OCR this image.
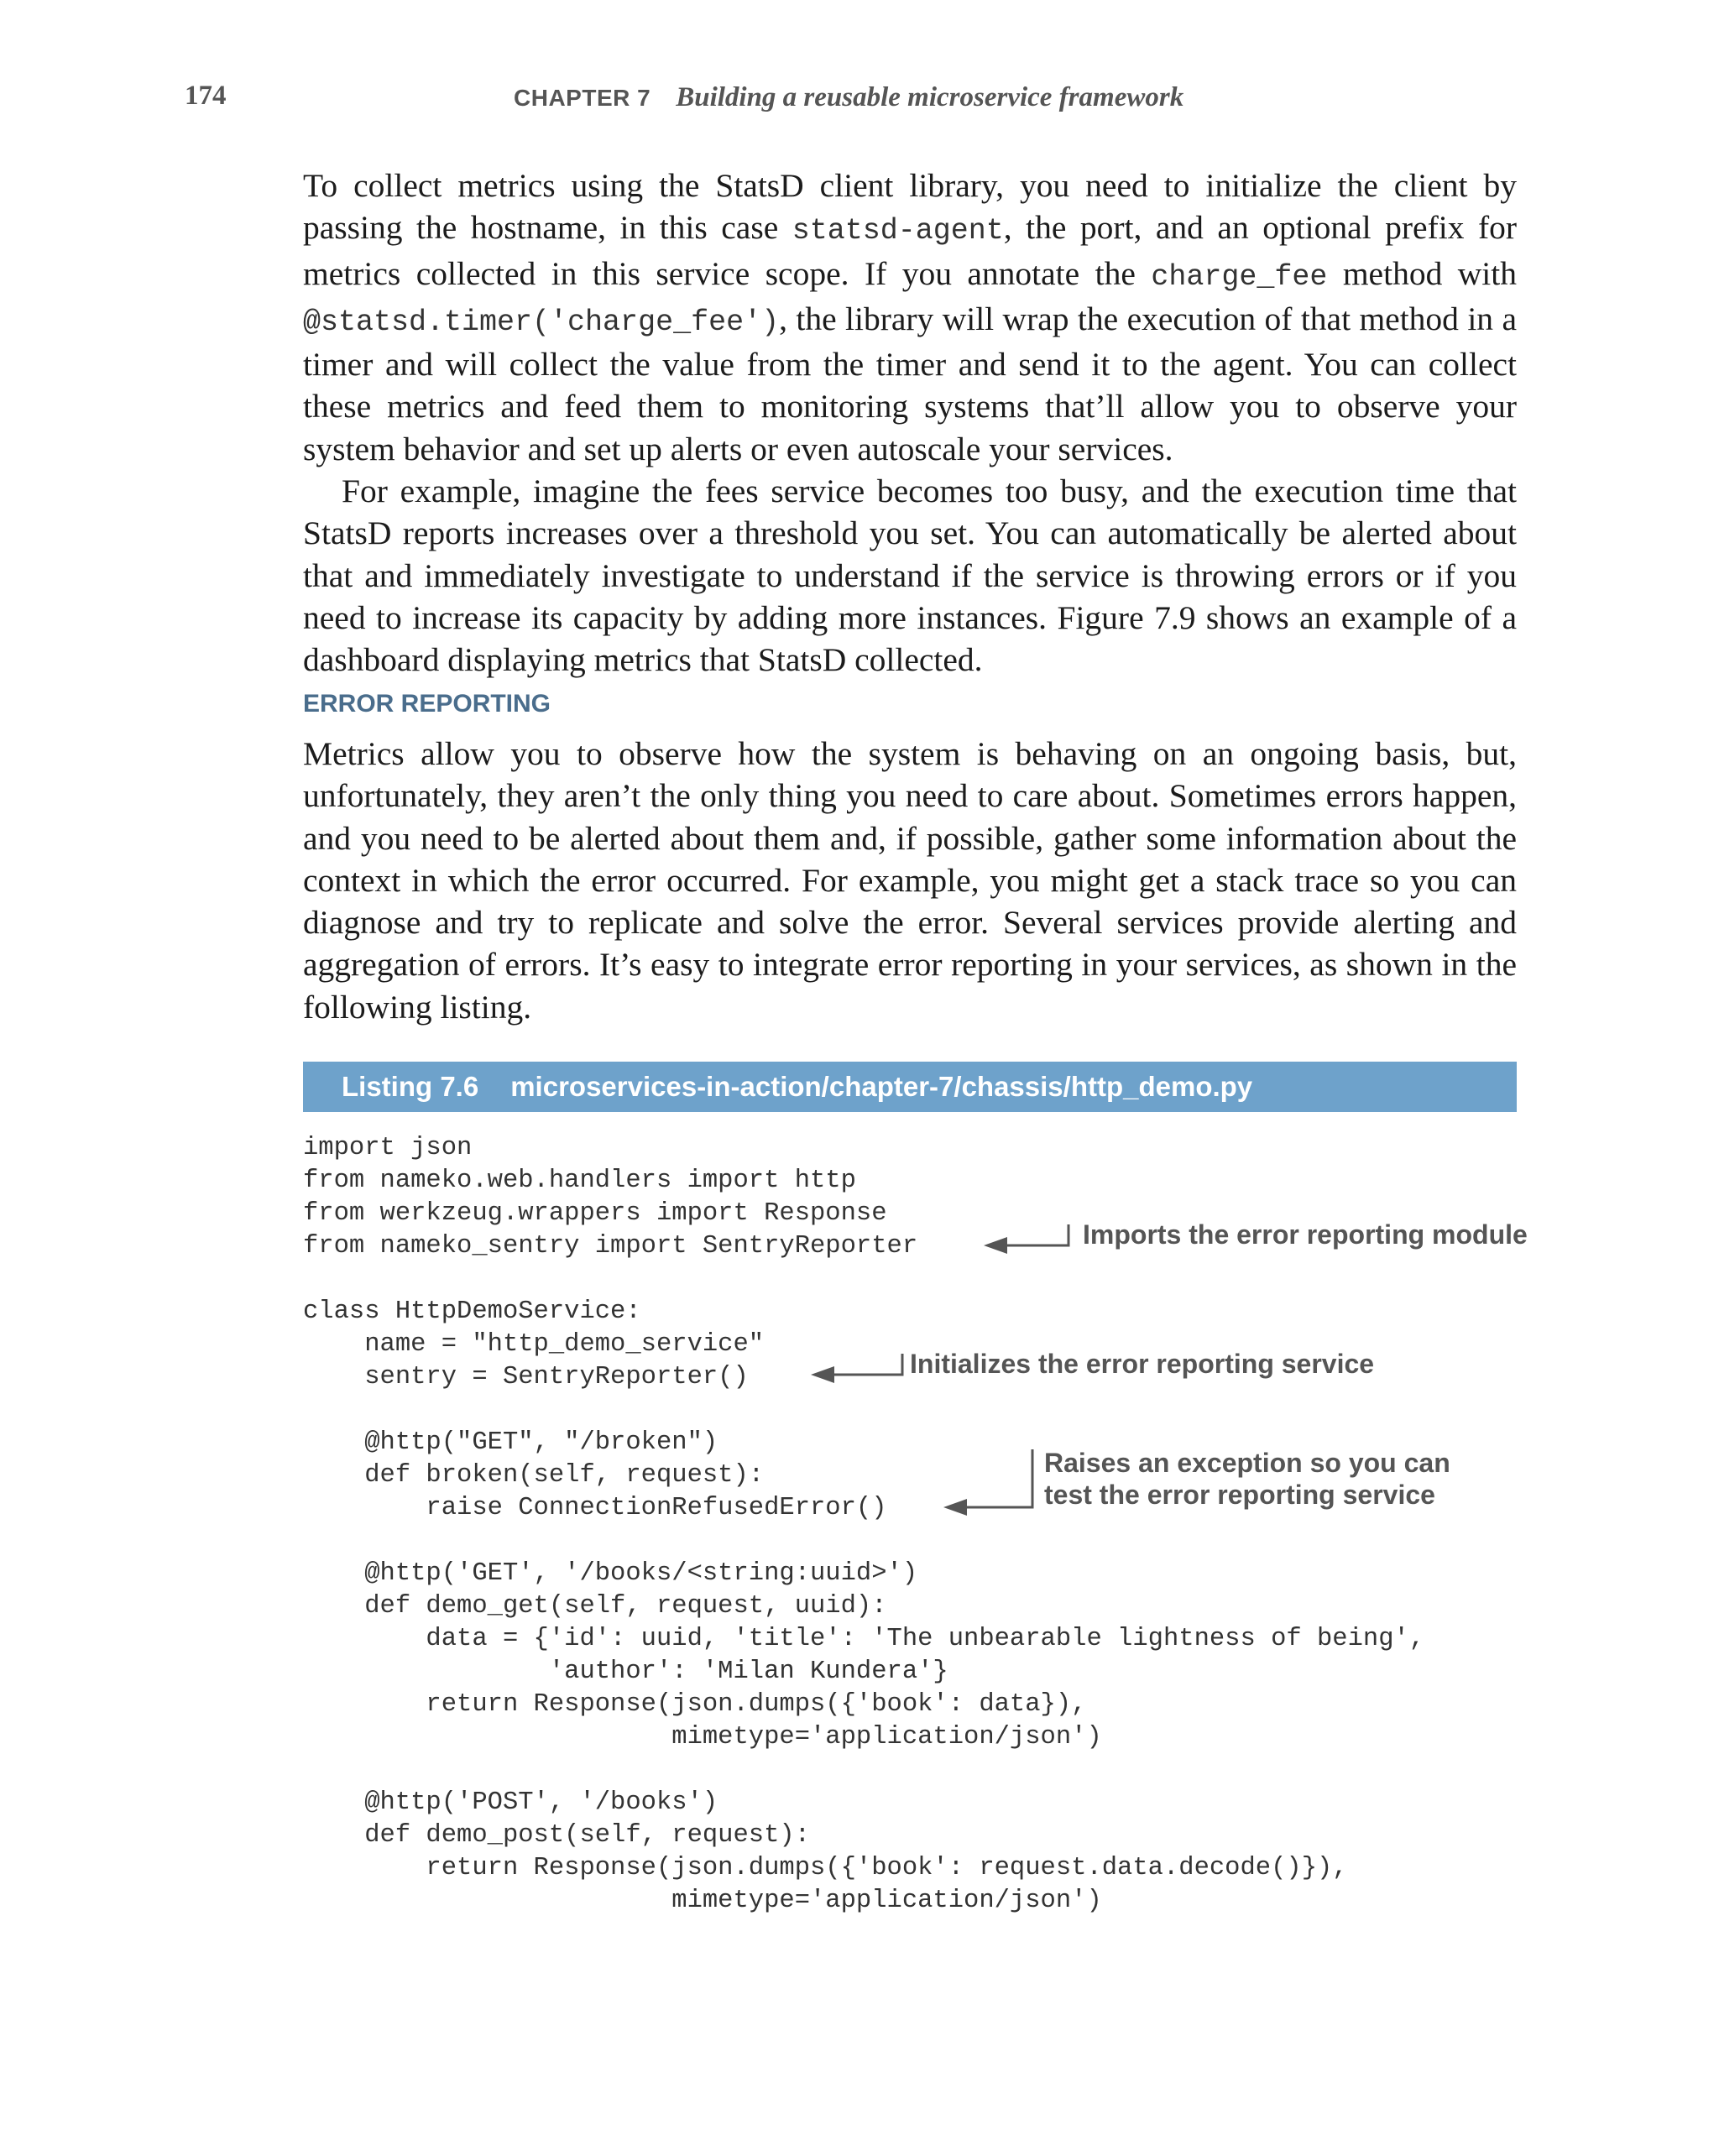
174	CHAPTER 7 Building a reusable microservice framework

To collect metrics using the StatsD client library, you need to initialize the client by passing the hostname, in this case statsd-agent, the port, and an optional prefix for metrics collected in this service scope. If you annotate the charge_fee method with @statsd.timer('charge_fee'), the library will wrap the execution of that method in a timer and will collect the value from the timer and send it to the agent. You can collect these metrics and feed them to monitoring systems that’ll allow you to observe your system behavior and set up alerts or even autoscale your services.

For example, imagine the fees service becomes too busy, and the execution time that StatsD reports increases over a threshold you set. You can automatically be alerted about that and immediately investigate to understand if the service is throwing errors or if you need to increase its capacity by adding more instances. Figure 7.9 shows an example of a dashboard displaying metrics that StatsD collected.

ERROR REPORTING

Metrics allow you to observe how the system is behaving on an ongoing basis, but, unfortunately, they aren’t the only thing you need to care about. Sometimes errors happen, and you need to be alerted about them and, if possible, gather some information about the context in which the error occurred. For example, you might get a stack trace so you can diagnose and try to replicate and solve the error. Several services provide alerting and aggregation of errors. It’s easy to integrate error reporting in your services, as shown in the following listing.

Listing 7.6 microservices-in-action/chapter-7/chassis/http_demo.py
import json
from nameko.web.handlers import http
from werkzeug.wrappers import Response
from nameko_sentry import SentryReporter
class HttpDemoService:
name = "http_demo_service"
sentry = SentryReporter()
@http("GET", "/broken")
def broken(self, request):
raise ConnectionRefusedError()
@http('GET', '/books/<string:uuid>')
def demo_get(self, request, uuid):
data = {'id': uuid, 'title': 'The unbearable lightness of being',
'author': 'Milan Kundera'}
return Response(json.dumps({'book': data}),
mimetype='application/json')
@http('POST', '/books')
def demo_post(self, request):
return Response(json.dumps({'book': request.data.decode()}),
mimetype='application/json')
Imports the error reporting module
Initializes the error reporting service
Raises an exception so you can
test the error reporting service
